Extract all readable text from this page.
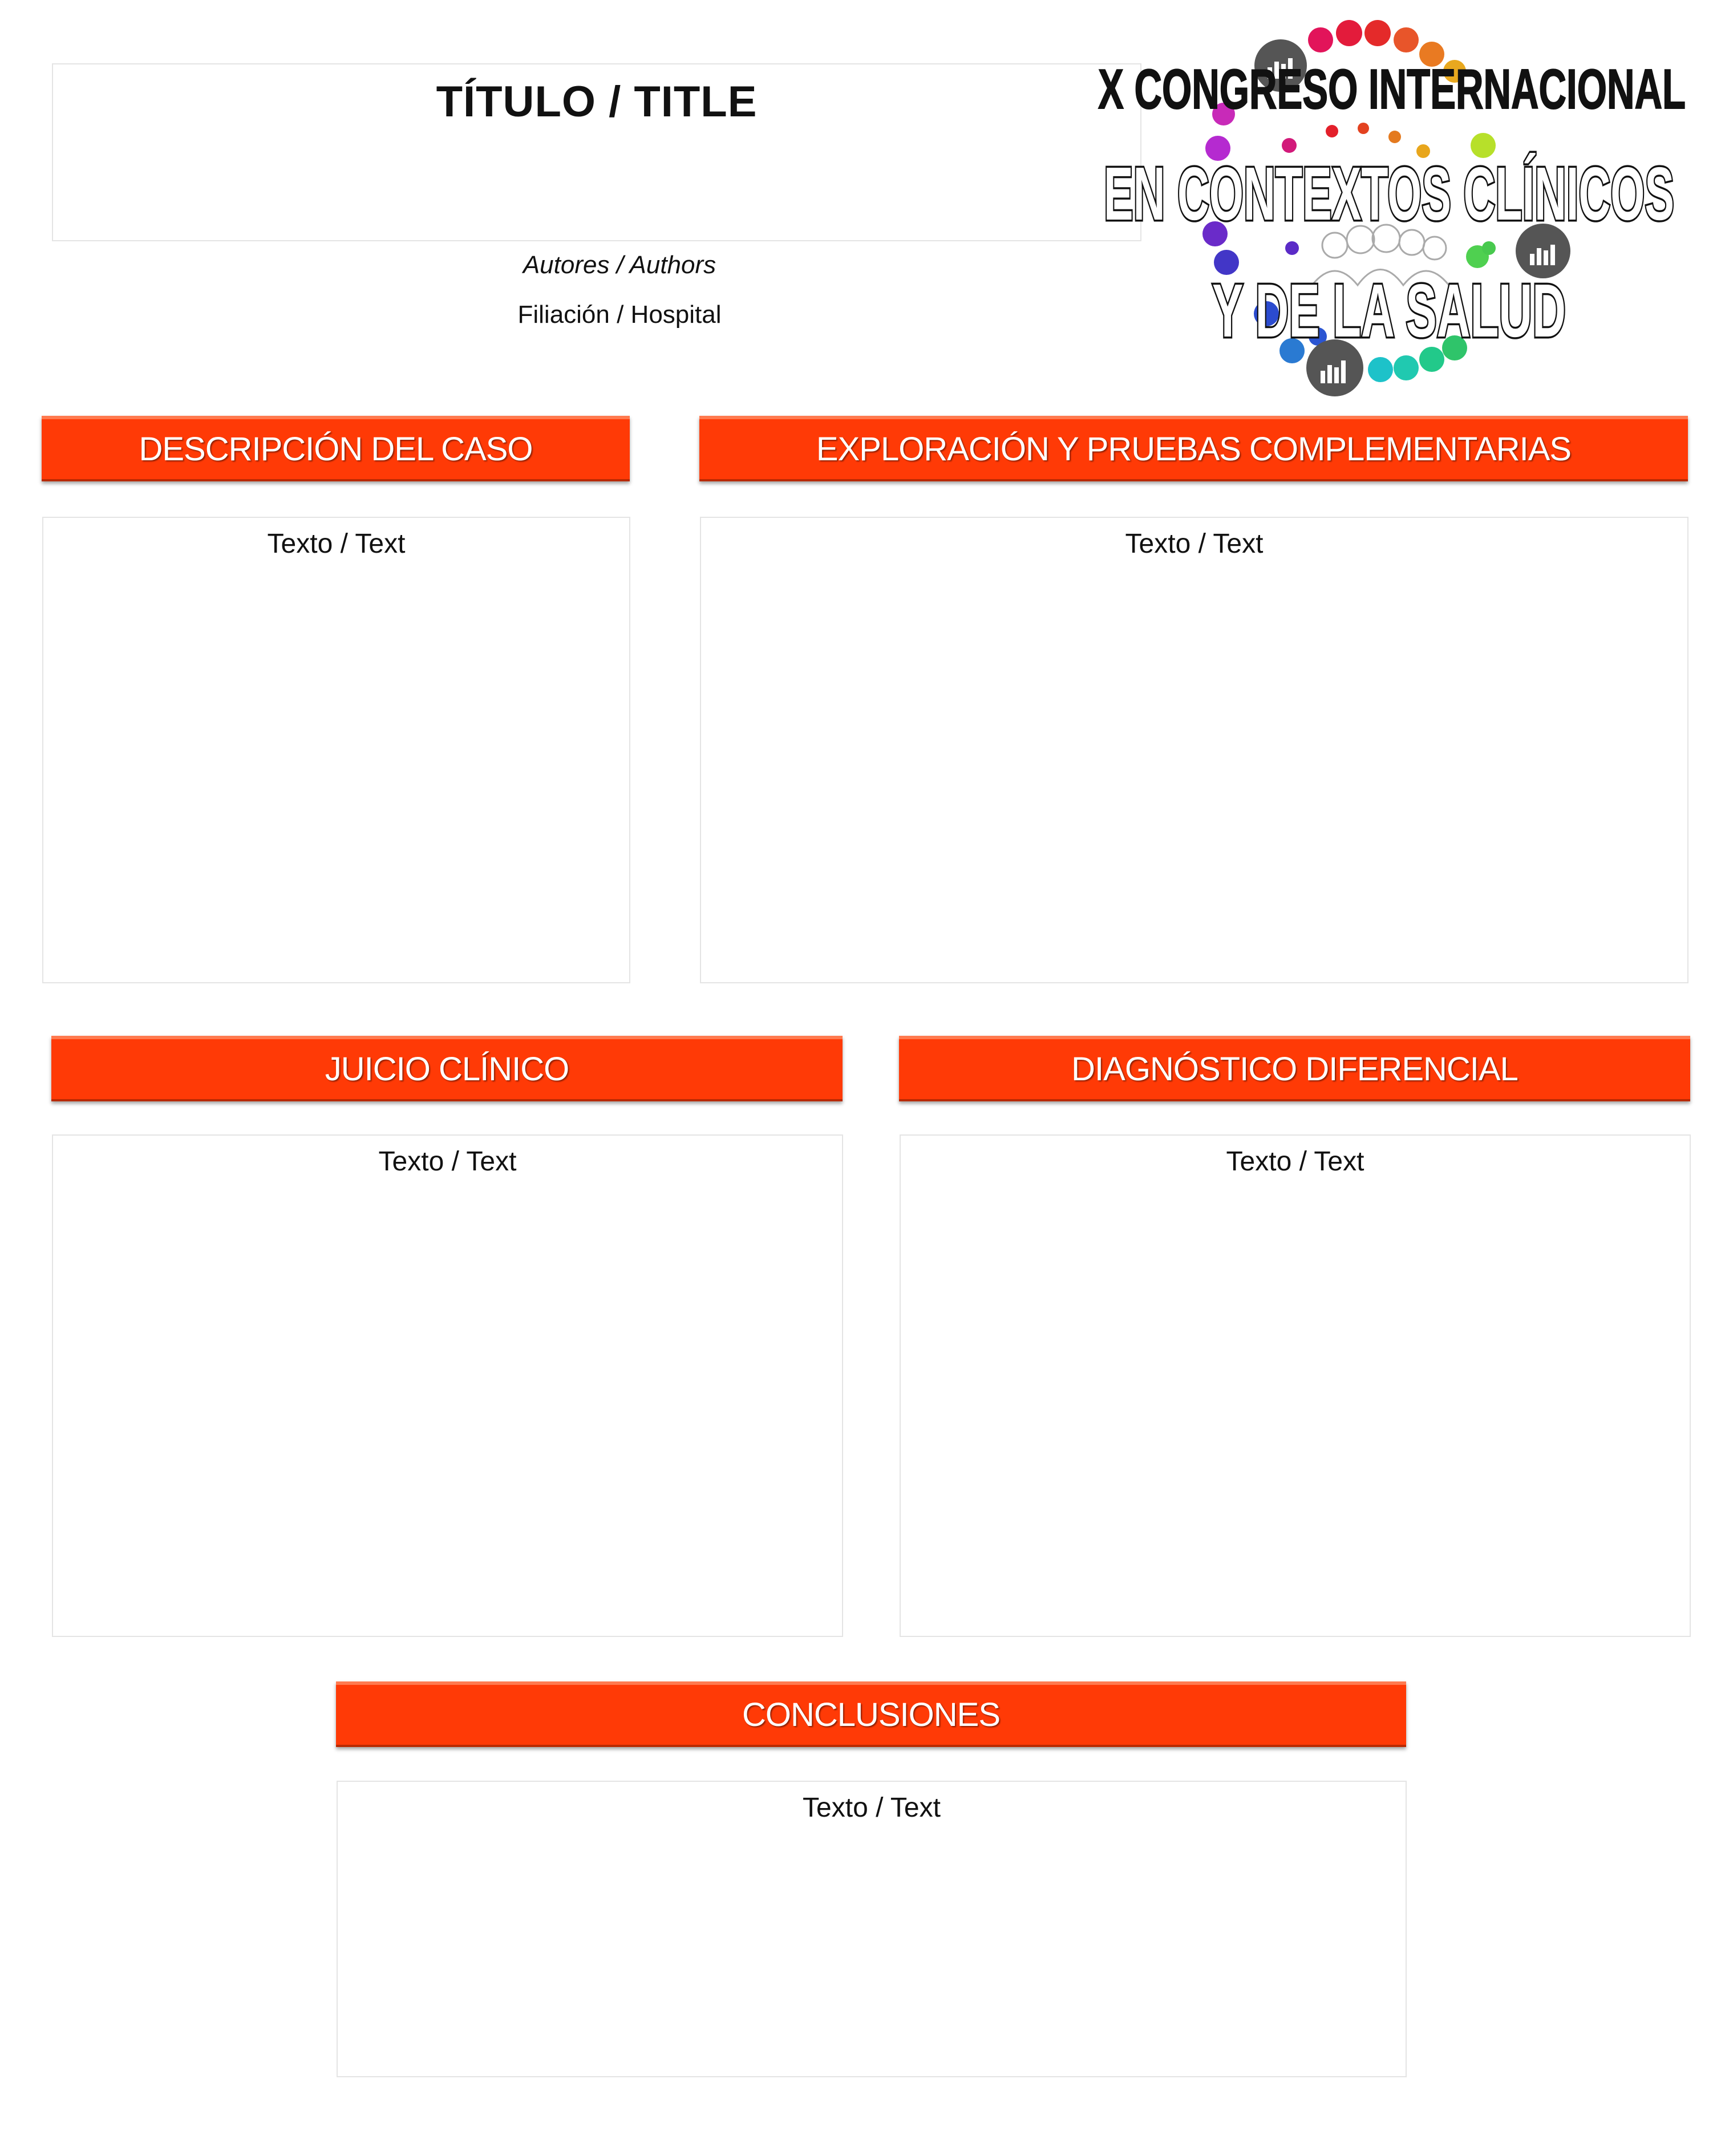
TÍTULO / TITLE
Autores / Authors
Filiación / Hospital
X CONGRESO INTERNACIONAL
EN CONTEXTOS CLÍNICOS
Y DE LA SALUD
DESCRIPCIÓN DEL CASO
Texto / Text
EXPLORACIÓN Y PRUEBAS COMPLEMENTARIAS
Texto / Text
JUICIO CLÍNICO
Texto / Text
DIAGNÓSTICO DIFERENCIAL
Texto / Text
CONCLUSIONES
Texto / Text
